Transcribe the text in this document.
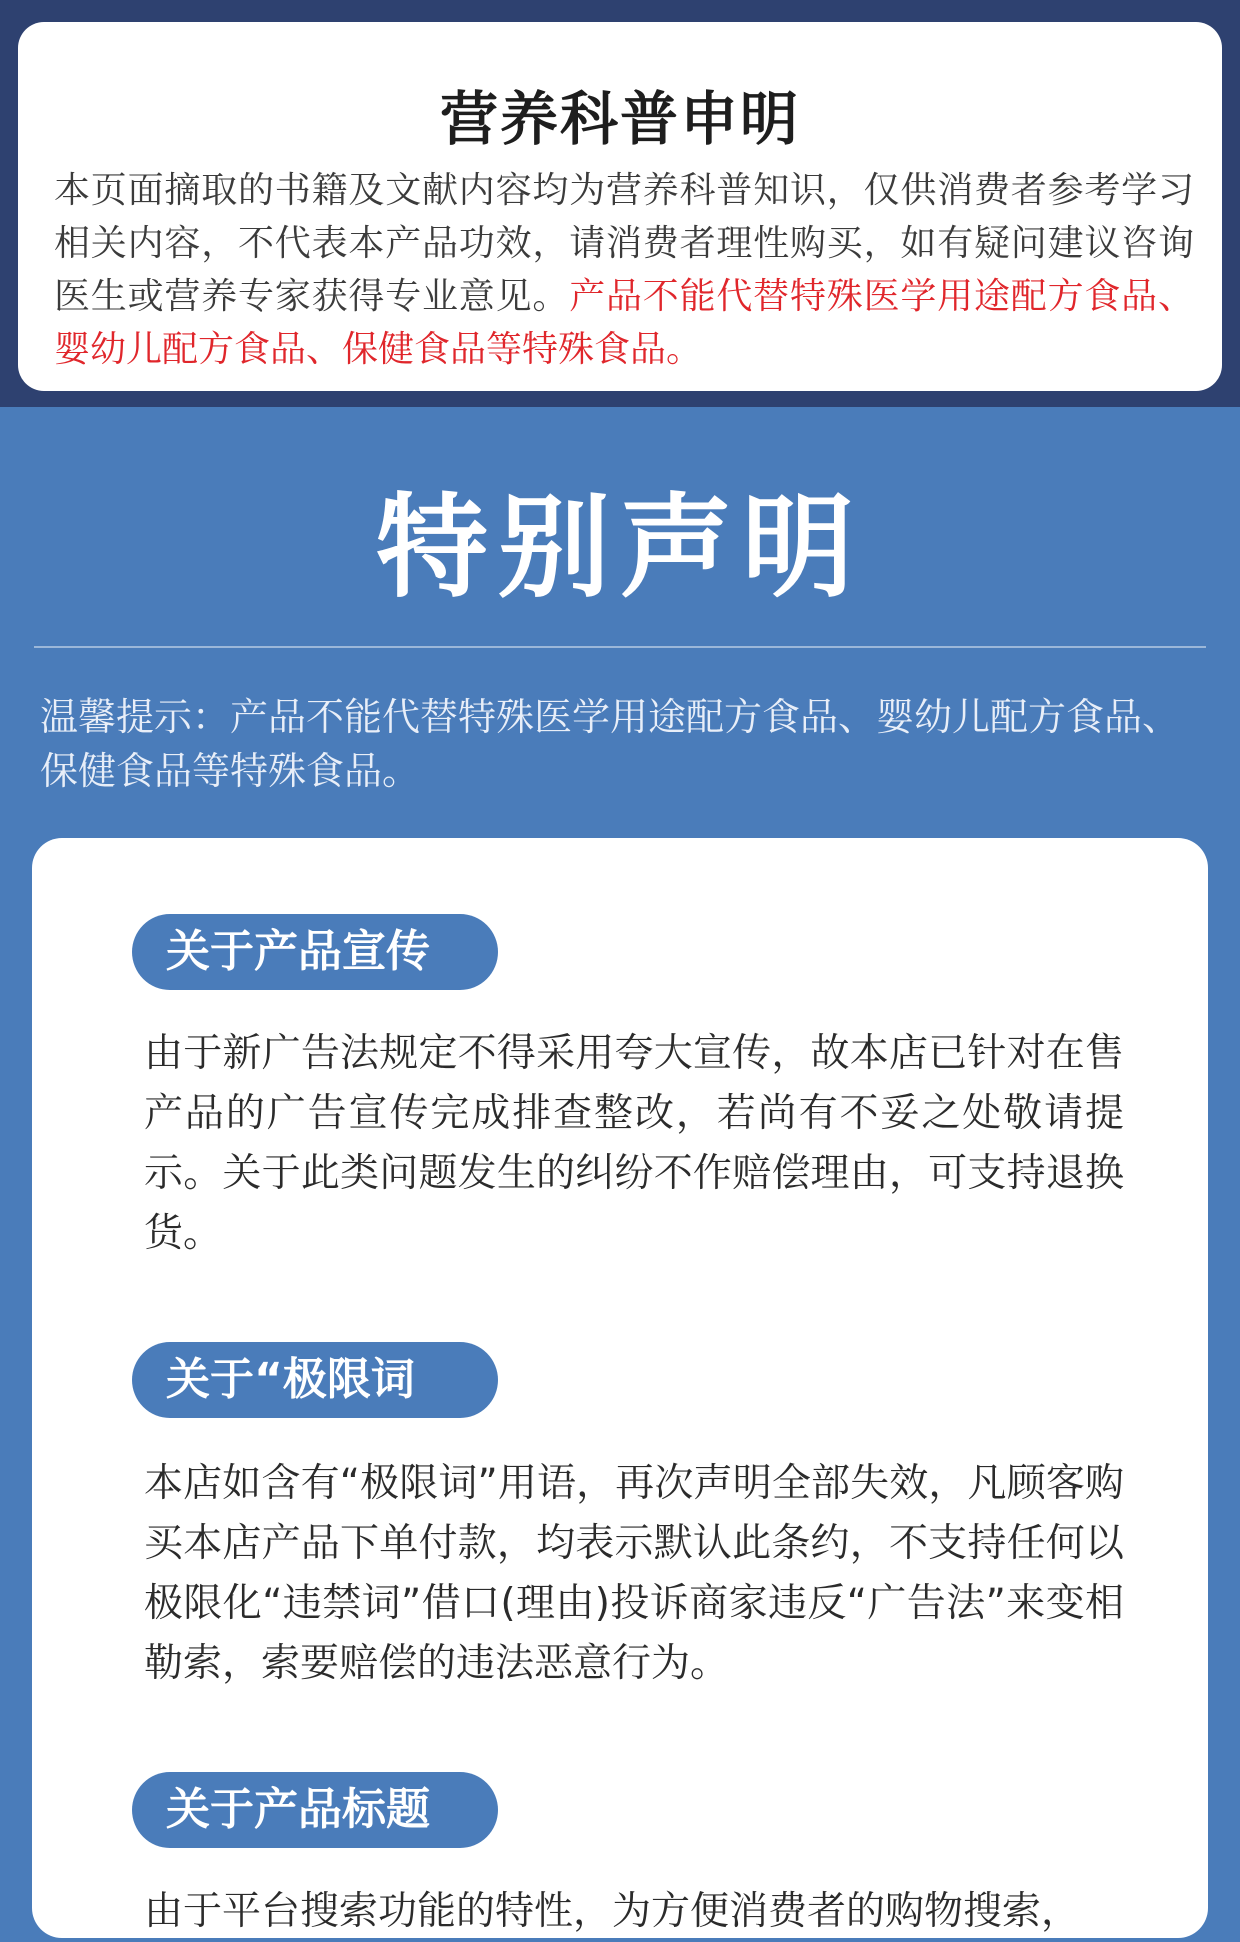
营养科普申明
本页面摘取的书籍及文献内容均为营养科普知识，仅供消费者参考学习相关内容，不代表本产品功效，请消费者理性购买，如有疑问建议咨询医生或营养专家获得专业意见。产品不能代替特殊医学用途配方食品、婴幼儿配方食品、保健食品等特殊食品。
特别声明
温馨提示：产品不能代替特殊医学用途配方食品、婴幼儿配方食品、保健食品等特殊食品。
关于产品宣传
由于新广告法规定不得采用夸大宣传，故本店已针对在售产品的广告宣传完成排查整改，若尚有不妥之处敬请提示。关于此类问题发生的纠纷不作赔偿理由，可支持退换货。
关于“极限词
本店如含有“极限词”用语，再次声明全部失效，凡顾客购买本店产品下单付款，均表示默认此条约，不支持任何以极限化“违禁词”借口(理由)投诉商家违反“广告法”来变相勒索，索要赔偿的违法恶意行为。
关于产品标题
由于平台搜索功能的特性，为方便消费者的购物搜索，
